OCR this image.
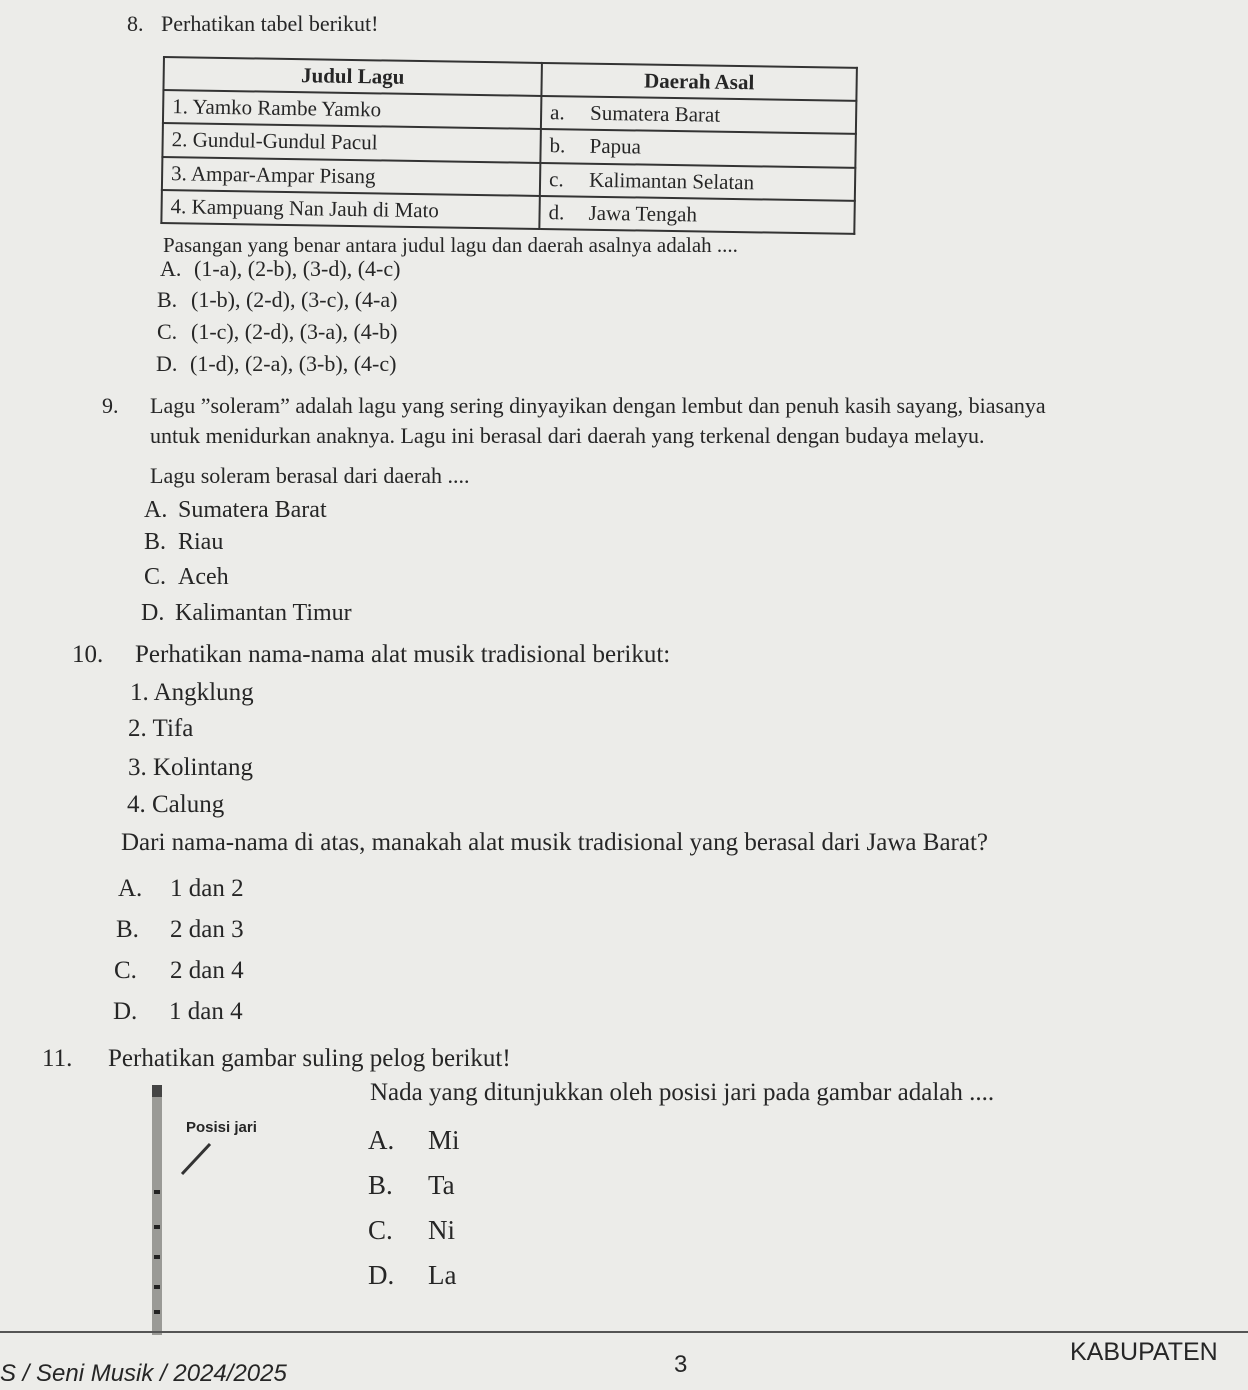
8. Perhatikan tabel berikut!
Judul Lagu	Daerah Asal
1. Yamko Rambe Yamko	a. Sumatera Barat
2. Gundul-Gundul Pacul	b. Papua
3. Ampar-Ampar Pisang	c. Kalimantan Selatan
4. Kampuang Nan Jauh di Mato	d. Jawa Tengah
Pasangan yang benar antara judul lagu dan daerah asalnya adalah ....
A. (1-a), (2-b), (3-d), (4-c)
B. (1-b), (2-d), (3-c), (4-a)
C. (1-c), (2-d), (3-a), (4-b)
D. (1-d), (2-a), (3-b), (4-c)
9. Lagu ”soleram” adalah lagu yang sering dinyayikan dengan lembut dan penuh kasih sayang, biasanya
untuk menidurkan anaknya. Lagu ini berasal dari daerah yang terkenal dengan budaya melayu.
Lagu soleram berasal dari daerah ....
A. Sumatera Barat
B. Riau
C. Aceh
D. Kalimantan Timur
10. Perhatikan nama-nama alat musik tradisional berikut:
1. Angklung
2. Tifa
3. Kolintang
4. Calung
Dari nama-nama di atas, manakah alat musik tradisional yang berasal dari Jawa Barat?
A. 1 dan 2
B. 2 dan 3
C. 2 dan 4
D. 1 dan 4
11. Perhatikan gambar suling pelog berikut!
Posisi jari
Nada yang ditunjukkan oleh posisi jari pada gambar adalah ....
A. Mi
B. Ta
C. Ni
D. La
S / Seni Musik / 2024/2025	3	KABUPATEN
